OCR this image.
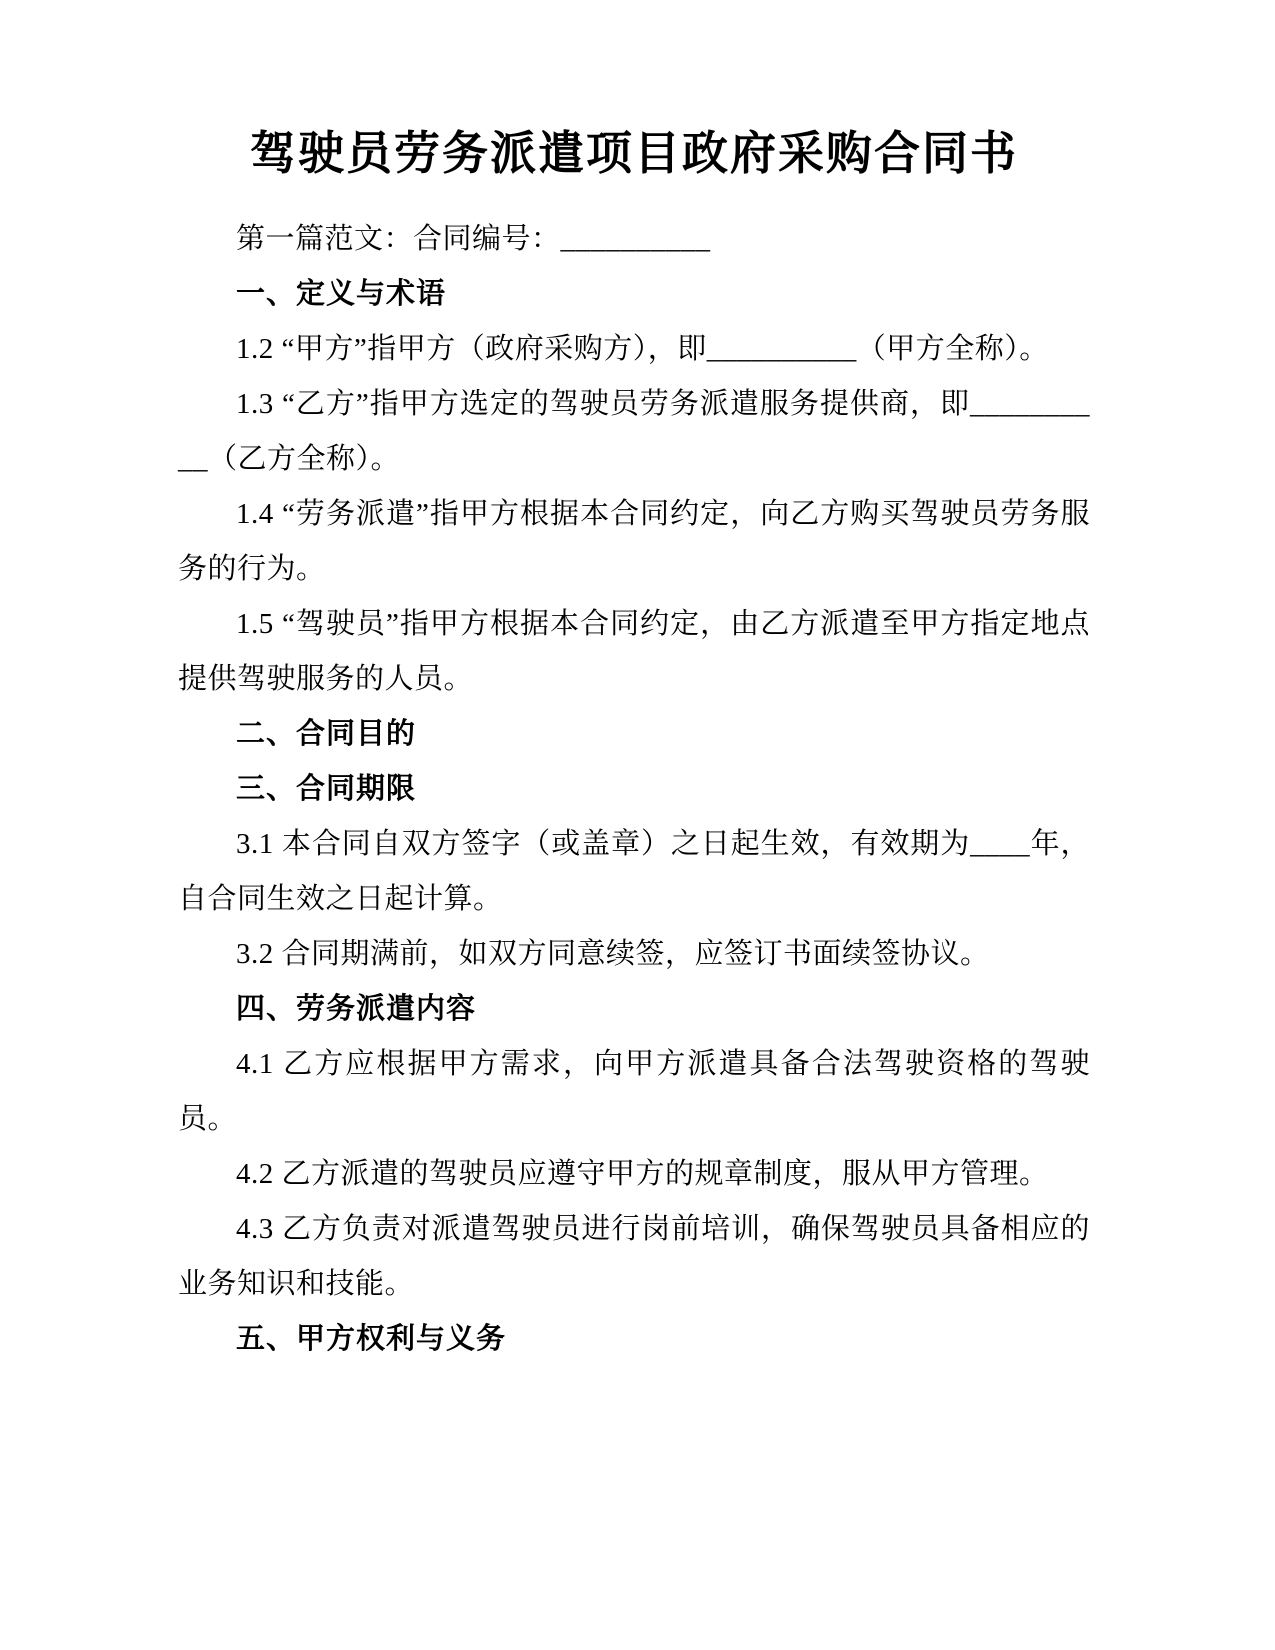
驾驶员劳务派遣项目政府采购合同书

第一篇范文：合同编号：__________

一、定义与术语

1.2 “甲方”指甲方（政府采购方），即__________（甲方全称）。

1.3 “乙方”指甲方选定的驾驶员劳务派遣服务提供商，即__________（乙方全称）。

1.4 “劳务派遣”指甲方根据本合同约定，向乙方购买驾驶员劳务服务的行为。

1.5 “驾驶员”指甲方根据本合同约定，由乙方派遣至甲方指定地点提供驾驶服务的人员。

二、合同目的

三、合同期限

3.1 本合同自双方签字（或盖章）之日起生效，有效期为____年，自合同生效之日起计算。

3.2 合同期满前，如双方同意续签，应签订书面续签协议。

四、劳务派遣内容

4.1 乙方应根据甲方需求，向甲方派遣具备合法驾驶资格的驾驶员。

4.2 乙方派遣的驾驶员应遵守甲方的规章制度，服从甲方管理。

4.3 乙方负责对派遣驾驶员进行岗前培训，确保驾驶员具备相应的业务知识和技能。

五、甲方权利与义务
